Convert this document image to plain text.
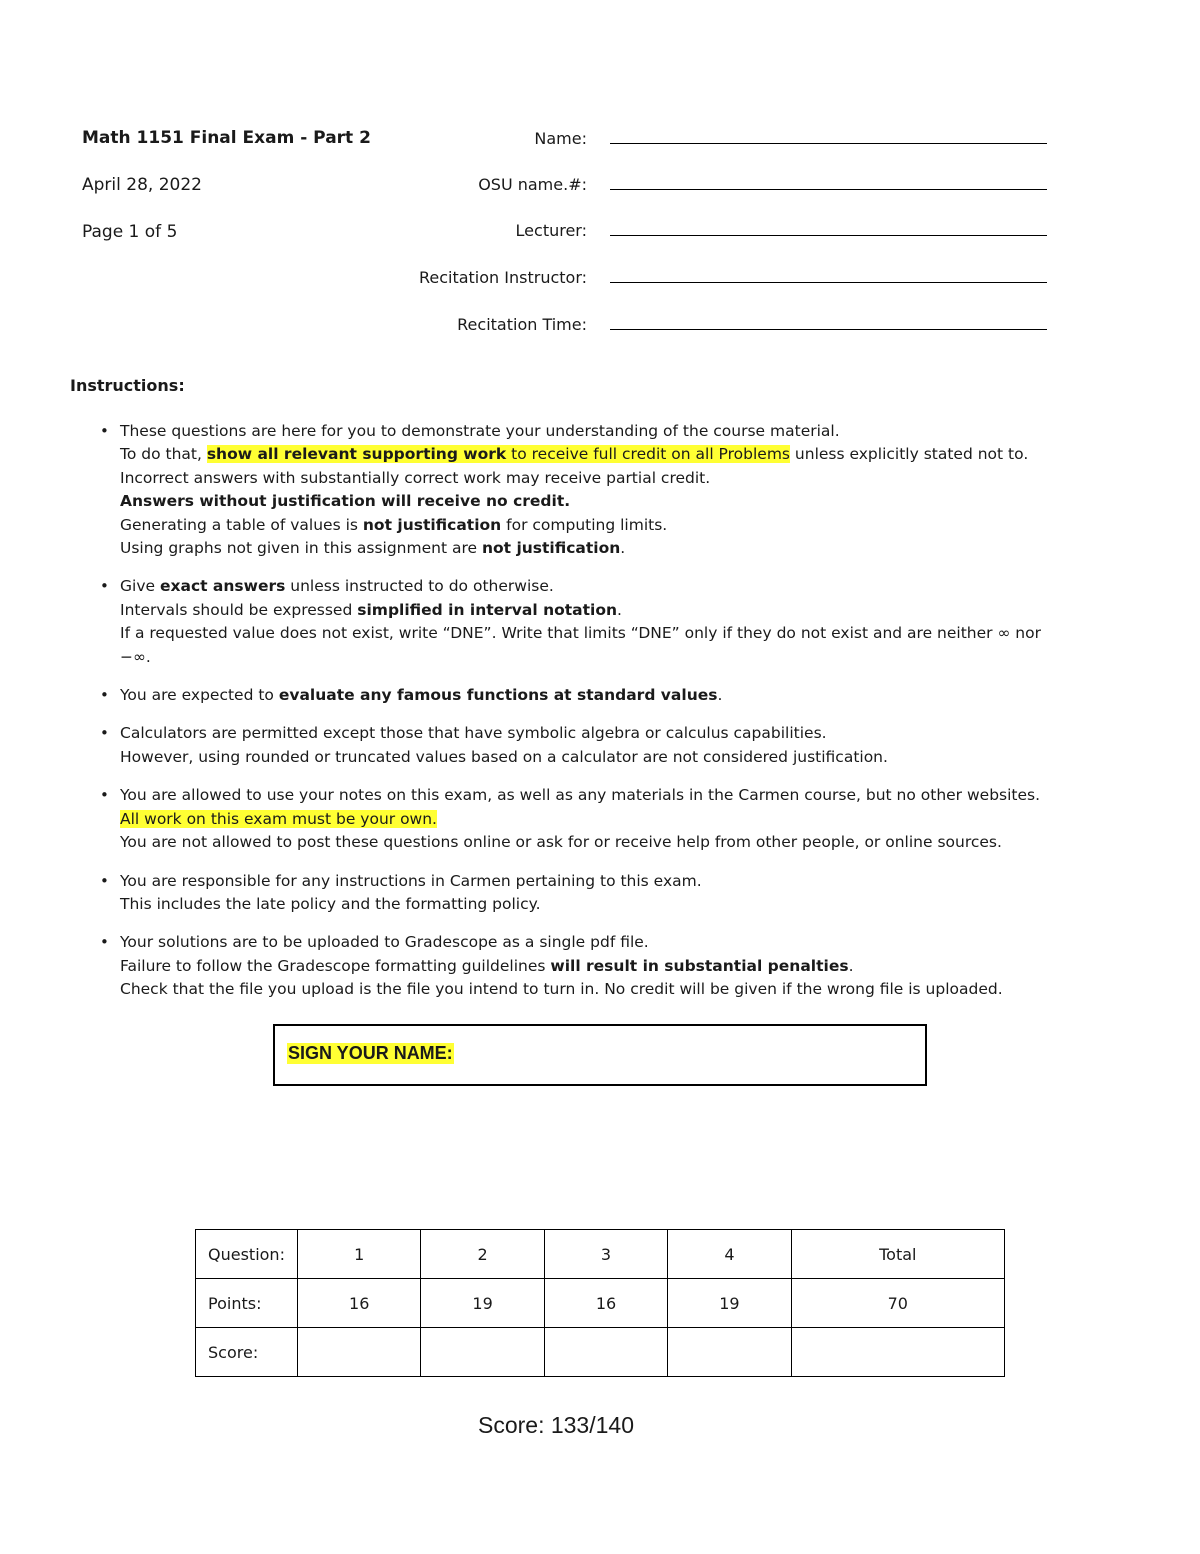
Math 1151 Final Exam - Part 2
April 28, 2022
Page 1 of 5
Name:
OSU name.#:
Lecturer:
Recitation Instructor:
Recitation Time:
Instructions:
• These questions are here for you to demonstrate your understanding of the course material.
To do that, show all relevant supporting work to receive full credit on all Problems unless explicitly stated not to.
Incorrect answers with substantially correct work may receive partial credit.
Answers without justification will receive no credit.
Generating a table of values is not justification for computing limits.
Using graphs not given in this assignment are not justification.
• Give exact answers unless instructed to do otherwise.
Intervals should be expressed simplified in interval notation.
If a requested value does not exist, write “DNE”. Write that limits “DNE” only if they do not exist and are neither ∞ nor
−∞.
• You are expected to evaluate any famous functions at standard values.
• Calculators are permitted except those that have symbolic algebra or calculus capabilities.
However, using rounded or truncated values based on a calculator are not considered justification.
• You are allowed to use your notes on this exam, as well as any materials in the Carmen course, but no other websites.
All work on this exam must be your own.
You are not allowed to post these questions online or ask for or receive help from other people, or online sources.
• You are responsible for any instructions in Carmen pertaining to this exam.
This includes the late policy and the formatting policy.
• Your solutions are to be uploaded to Gradescope as a single pdf file.
Failure to follow the Gradescope formatting guildelines will result in substantial penalties.
Check that the file you upload is the file you intend to turn in. No credit will be given if the wrong file is uploaded.
SIGN YOUR NAME:
Question:	1	2	3	4	Total
Points:	16	19	16	19	70
Score:					
Score: 133/140
